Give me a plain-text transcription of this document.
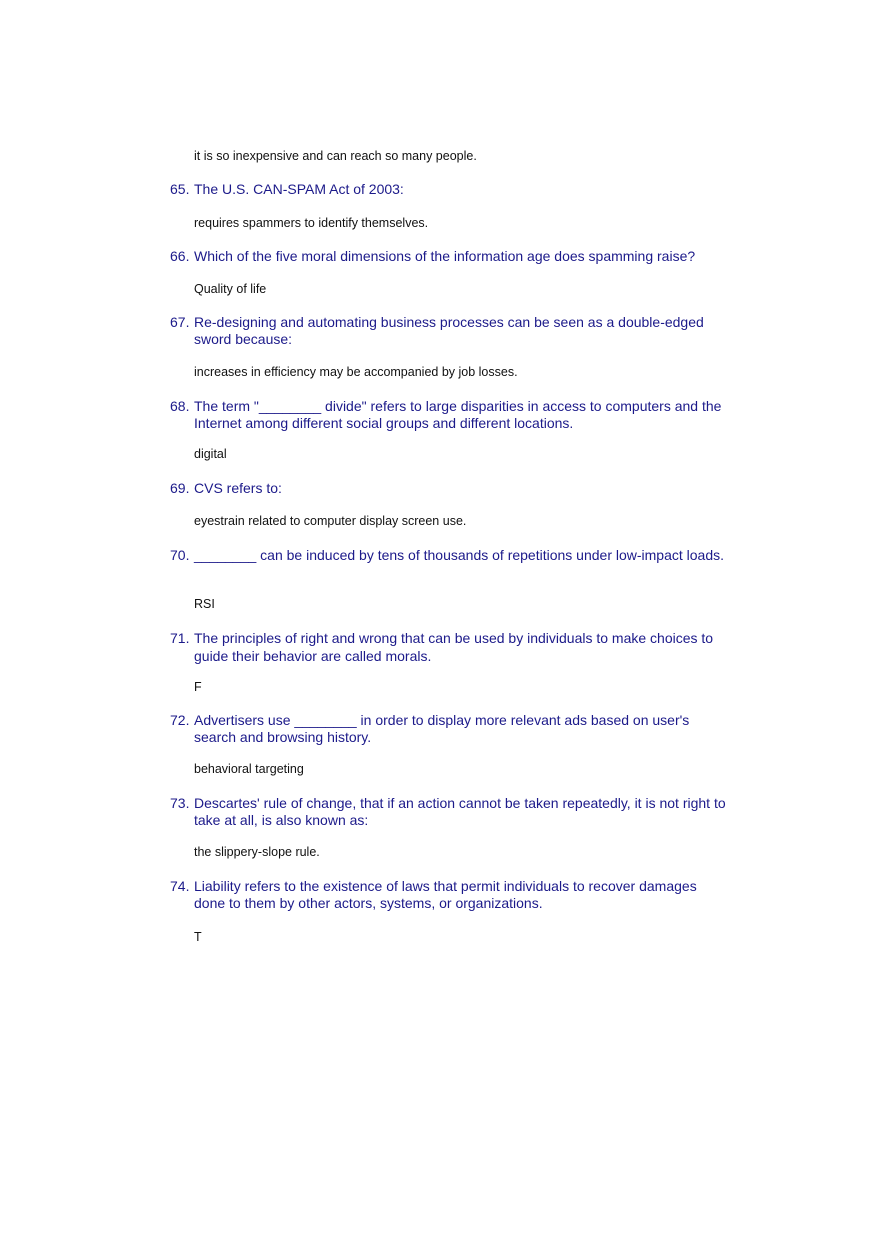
it is so inexpensive and can reach so many people.
65. The U.S. CAN-SPAM Act of 2003:
requires spammers to identify themselves.
66. Which of the five moral dimensions of the information age does spamming raise?
Quality of life
67. Re-designing and automating business processes can be seen as a double-edged sword because:
increases in efficiency may be accompanied by job losses.
68. The term "________ divide" refers to large disparities in access to computers and the Internet among different social groups and different locations.
digital
69. CVS refers to:
eyestrain related to computer display screen use.
70. ________ can be induced by tens of thousands of repetitions under low-impact loads.
RSI
71. The principles of right and wrong that can be used by individuals to make choices to guide their behavior are called morals.
F
72. Advertisers use ________ in order to display more relevant ads based on user's search and browsing history.
behavioral targeting
73. Descartes' rule of change, that if an action cannot be taken repeatedly, it is not right to take at all, is also known as:
the slippery-slope rule.
74. Liability refers to the existence of laws that permit individuals to recover damages done to them by other actors, systems, or organizations.
T
